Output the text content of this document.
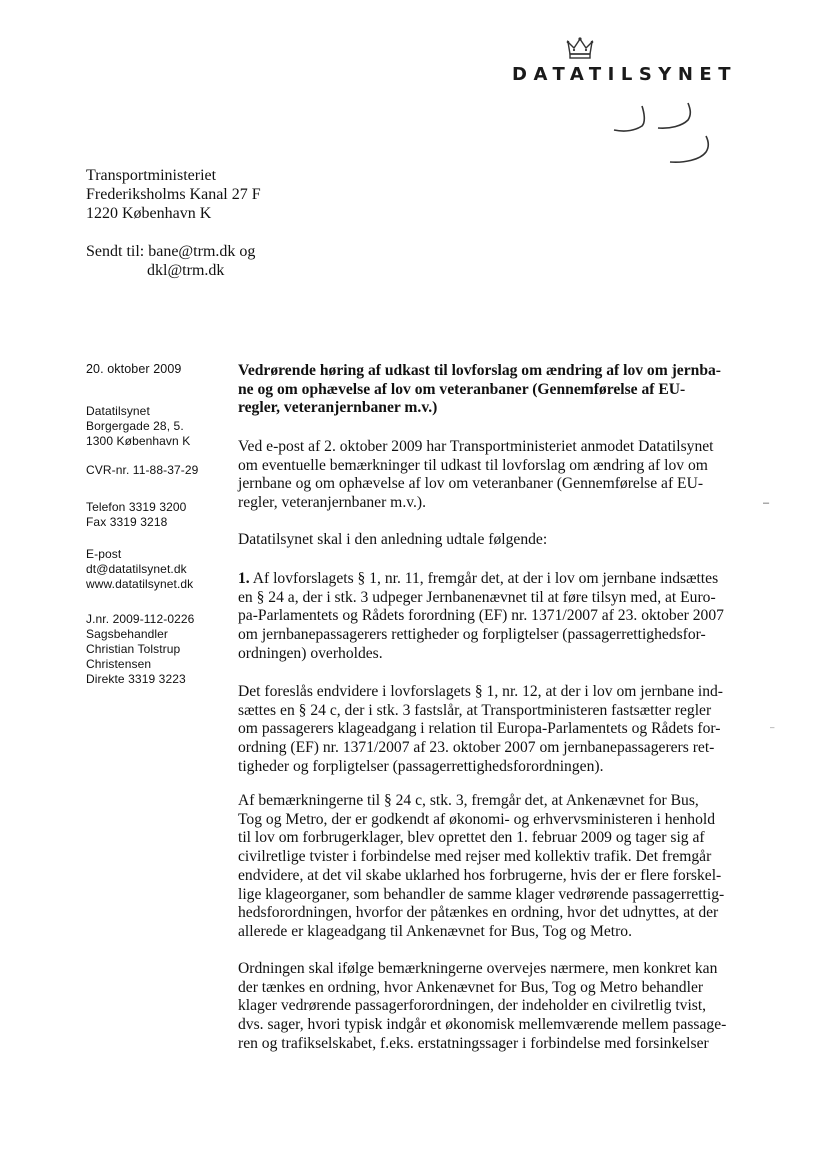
DATATILSYNET
Transportministeriet
Frederiksholms Kanal 27 F
1220 København K
Sendt til: bane@trm.dk og
dkl@trm.dk
20. oktober 2009
Datatilsynet
Borgergade 28, 5.
1300 København K
CVR-nr. 11-88-37-29
Telefon 3319 3200
Fax 3319 3218
E-post
dt@datatilsynet.dk
www.datatilsynet.dk
J.nr. 2009-112-0226
Sagsbehandler
Christian Tolstrup
Christensen
Direkte 3319 3223

Vedrørende høring af udkast til lovforslag om ændring af lov om jernba-

ne og om ophævelse af lov om veteranbaner (Gennemførelse af EU-

regler, veteranjernbaner m.v.)

Ved e-post af 2. oktober 2009 har Transportministeriet anmodet Datatilsynet

om eventuelle bemærkninger til udkast til lovforslag om ændring af lov om

jernbane og om ophævelse af lov om veteranbaner (Gennemførelse af EU-

regler, veteranjernbaner m.v.).

Datatilsynet skal i den anledning udtale følgende:

1. Af lovforslagets § 1, nr. 11, fremgår det, at der i lov om jernbane indsættes

en § 24 a, der i stk. 3 udpeger Jernbanenævnet til at føre tilsyn med, at Euro-

pa-Parlamentets og Rådets forordning (EF) nr. 1371/2007 af 23. oktober 2007

om jernbanepassagerers rettigheder og forpligtelser (passagerrettighedsfor-

ordningen) overholdes.

Det foreslås endvidere i lovforslagets § 1, nr. 12, at der i lov om jernbane ind-

sættes en § 24 c, der i stk. 3 fastslår, at Transportministeren fastsætter regler

om passagerers klageadgang i relation til Europa-Parlamentets og Rådets for-

ordning (EF) nr. 1371/2007 af 23. oktober 2007 om jernbanepassagerers ret-

tigheder og forpligtelser (passagerrettighedsforordningen).

Af bemærkningerne til § 24 c, stk. 3, fremgår det, at Ankenævnet for Bus,

Tog og Metro, der er godkendt af økonomi- og erhvervsministeren i henhold

til lov om forbrugerklager, blev oprettet den 1. februar 2009 og tager sig af

civilretlige tvister i forbindelse med rejser med kollektiv trafik. Det fremgår

endvidere, at det vil skabe uklarhed hos forbrugerne, hvis der er flere forskel-

lige klageorganer, som behandler de samme klager vedrørende passagerrettig-

hedsforordningen, hvorfor der påtænkes en ordning, hvor det udnyttes, at der

allerede er klageadgang til Ankenævnet for Bus, Tog og Metro.

Ordningen skal ifølge bemærkningerne overvejes nærmere, men konkret kan

der tænkes en ordning, hvor Ankenævnet for Bus, Tog og Metro behandler

klager vedrørende passagerforordningen, der indeholder en civilretlig tvist,

dvs. sager, hvori typisk indgår et økonomisk mellemværende mellem passage-

ren og trafikselskabet, f.eks. erstatningssager i forbindelse med forsinkelser

–
–
